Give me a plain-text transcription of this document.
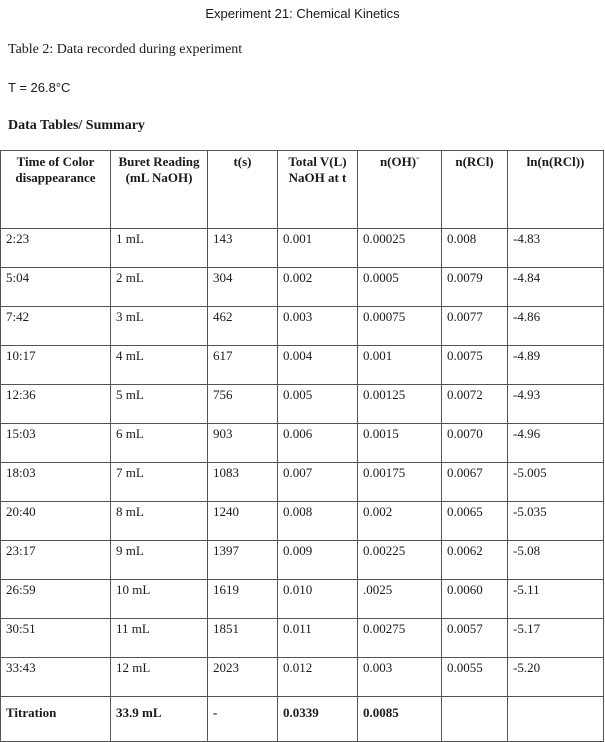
Experiment 21: Chemical Kinetics
Table 2: Data recorded during experiment
T = 26.8°C
Data Tables/ Summary
Time of Color disappearance	Buret Reading (mL NaOH)	t(s)	Total V(L) NaOH at t	n(OH)-	n(RCl)	ln(n(RCl))
2:23	1 mL	143	0.001	0.00025	0.008	-4.83
5:04	2 mL	304	0.002	0.0005	0.0079	-4.84
7:42	3 mL	462	0.003	0.00075	0.0077	-4.86
10:17	4 mL	617	0.004	0.001	0.0075	-4.89
12:36	5 mL	756	0.005	0.00125	0.0072	-4.93
15:03	6 mL	903	0.006	0.0015	0.0070	-4.96
18:03	7 mL	1083	0.007	0.00175	0.0067	-5.005
20:40	8 mL	1240	0.008	0.002	0.0065	-5.035
23:17	9 mL	1397	0.009	0.00225	0.0062	-5.08
26:59	10 mL	1619	0.010	.0025	0.0060	-5.11
30:51	11 mL	1851	0.011	0.00275	0.0057	-5.17
33:43	12 mL	2023	0.012	0.003	0.0055	-5.20
Titration	33.9 mL	-	0.0339	0.0085		
